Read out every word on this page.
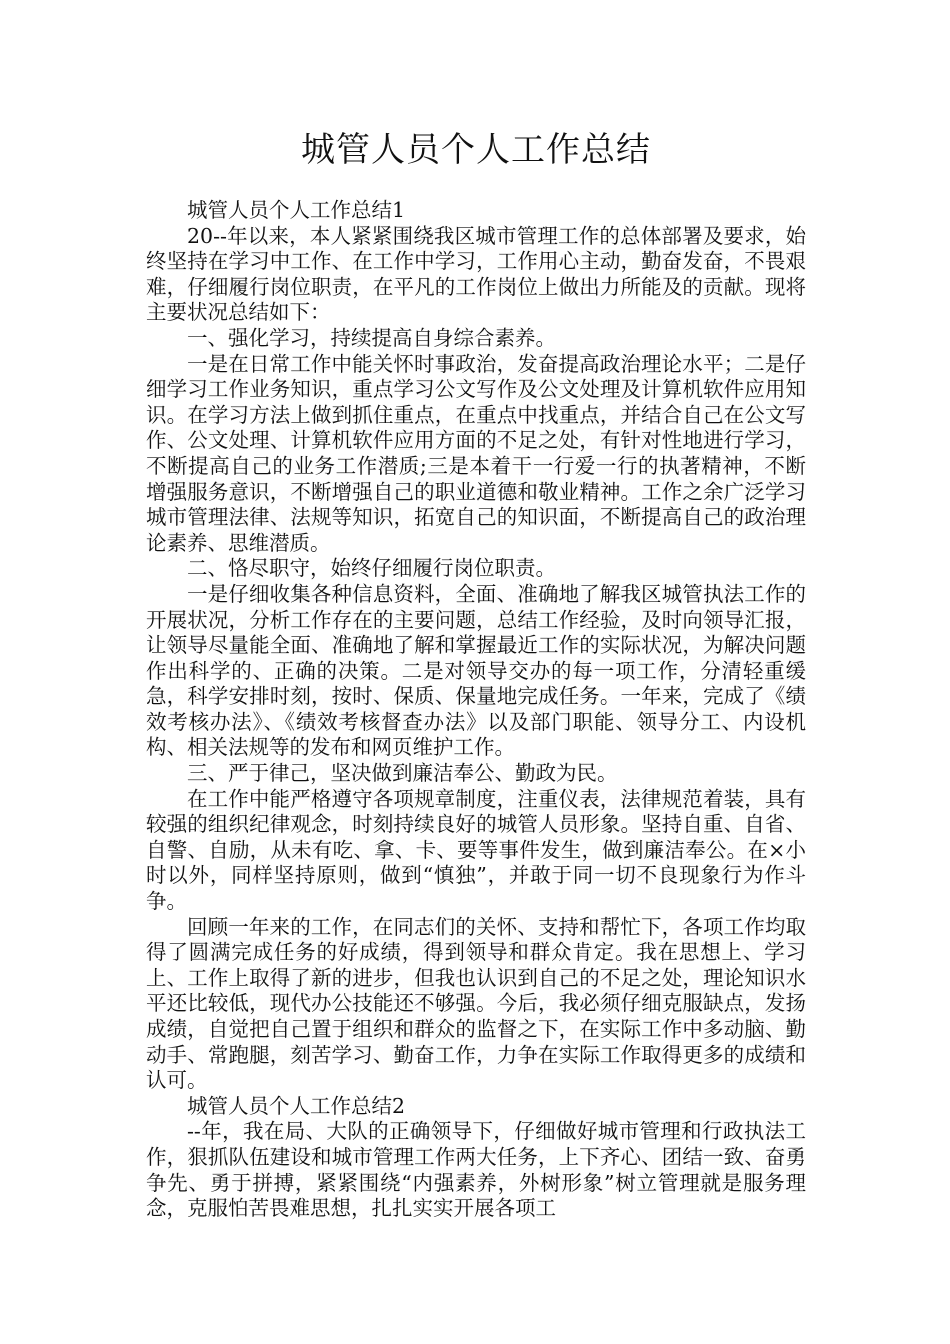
城管人员个人工作总结

城管人员个人工作总结1

20--年以来，本人紧紧围绕我区城市管理工作的总体部署及要求，始终坚持在学习中工作、在工作中学习，工作用心主动，勤奋发奋，不畏艰难，仔细履行岗位职责，在平凡的工作岗位上做出力所能及的贡献。现将主要状况总结如下：

一、强化学习，持续提高自身综合素养。

一是在日常工作中能关怀时事政治，发奋提高政治理论水平；二是仔细学习工作业务知识，重点学习公文写作及公文处理及计算机软件应用知识。在学习方法上做到抓住重点，在重点中找重点，并结合自己在公文写作、公文处理、计算机软件应用方面的不足之处，有针对性地进行学习，不断提高自己的业务工作潜质;三是本着干一行爱一行的执著精神，不断增强服务意识，不断增强自己的职业道德和敬业精神。工作之余广泛学习城市管理法律、法规等知识，拓宽自己的知识面，不断提高自己的政治理论素养、思维潜质。

二、恪尽职守，始终仔细履行岗位职责。

一是仔细收集各种信息资料，全面、准确地了解我区城管执法工作的开展状况，分析工作存在的主要问题，总结工作经验，及时向领导汇报，让领导尽量能全面、准确地了解和掌握最近工作的实际状况，为解决问题作出科学的、正确的决策。二是对领导交办的每一项工作，分清轻重缓急，科学安排时刻，按时、保质、保量地完成任务。一年来，完成了《绩效考核办法》、《绩效考核督查办法》以及部门职能、领导分工、内设机构、相关法规等的发布和网页维护工作。

三、严于律己，坚决做到廉洁奉公、勤政为民。

在工作中能严格遵守各项规章制度，注重仪表，法律规范着装，具有较强的组织纪律观念，时刻持续良好的城管人员形象。坚持自重、自省、自警、自励，从未有吃、拿、卡、要等事件发生，做到廉洁奉公。在×小时以外，同样坚持原则，做到“慎独”，并敢于同一切不良现象行为作斗争。

回顾一年来的工作，在同志们的关怀、支持和帮忙下，各项工作均取得了圆满完成任务的好成绩，得到领导和群众肯定。我在思想上、学习上、工作上取得了新的进步，但我也认识到自己的不足之处，理论知识水平还比较低，现代办公技能还不够强。今后，我必须仔细克服缺点，发扬成绩，自觉把自己置于组织和群众的监督之下，在实际工作中多动脑、勤动手、常跑腿，刻苦学习、勤奋工作，力争在实际工作取得更多的成绩和认可。

城管人员个人工作总结2

--年，我在局、大队的正确领导下，仔细做好城市管理和行政执法工作，狠抓队伍建设和城市管理工作两大任务，上下齐心、团结一致、奋勇争先、勇于拼搏，紧紧围绕“内强素养，外树形象”树立管理就是服务理念，克服怕苦畏难思想，扎扎实实开展各项工
